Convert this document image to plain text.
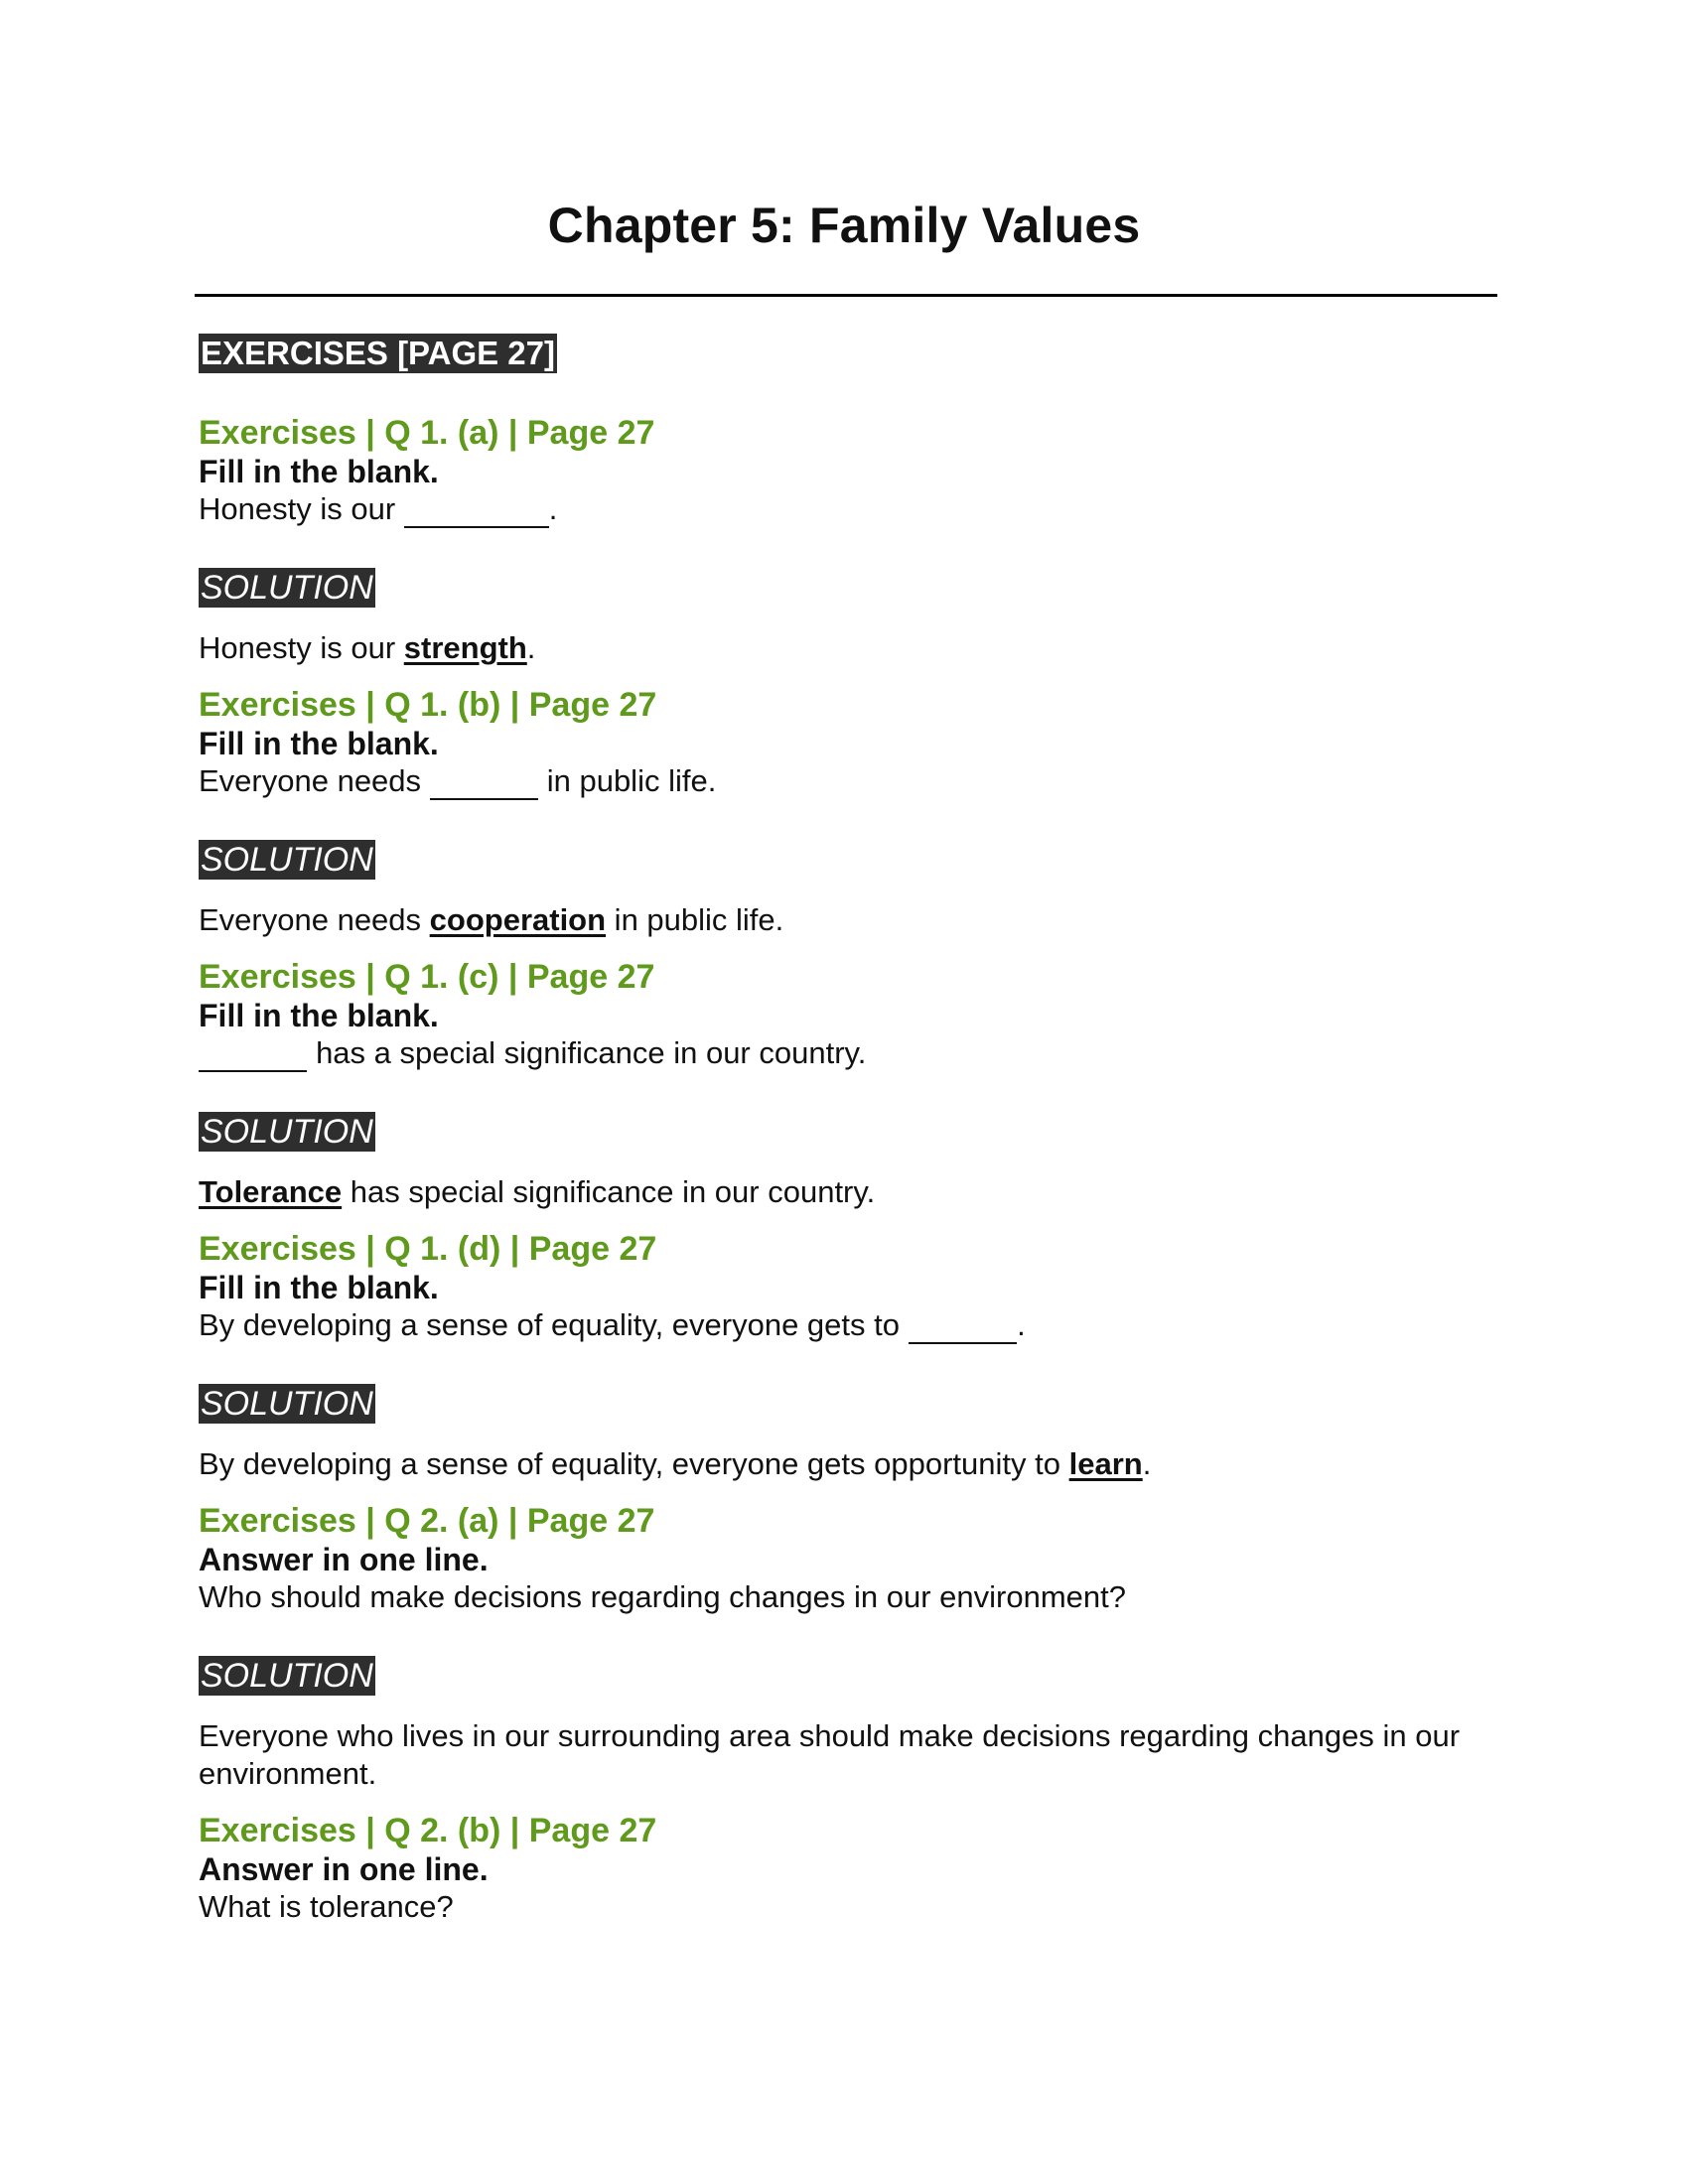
Chapter 5: Family Values
EXERCISES [PAGE 27]
Exercises | Q 1. (a) | Page 27
Fill in the blank.
Honesty is our	.
SOLUTION
Honesty is our strength.
Exercises | Q 1. (b) | Page 27
Fill in the blank.
Everyone needs	in public life.
SOLUTION
Everyone needs cooperation in public life.
Exercises | Q 1. (c) | Page 27
Fill in the blank.
has a special significance in our country.
SOLUTION
Tolerance has special significance in our country.
Exercises | Q 1. (d) | Page 27
Fill in the blank.
By developing a sense of equality, everyone gets to	.
SOLUTION
By developing a sense of equality, everyone gets opportunity to learn.
Exercises | Q 2. (a) | Page 27
Answer in one line.
Who should make decisions regarding changes in our environment?
SOLUTION
Everyone who lives in our surrounding area should make decisions regarding changes in our environment.
Exercises | Q 2. (b) | Page 27
Answer in one line.
What is tolerance?
